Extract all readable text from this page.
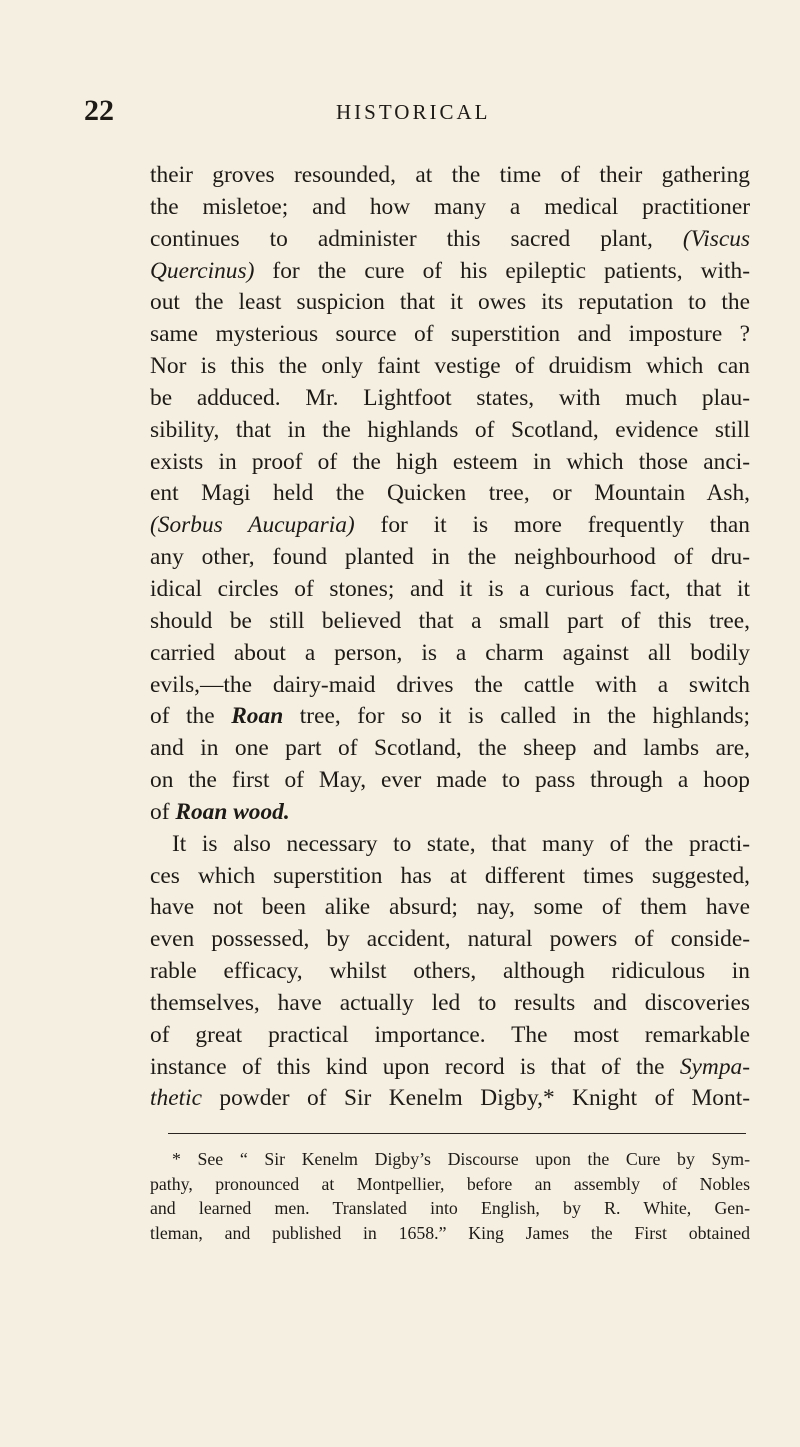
22	HISTORICAL
their groves resounded, at the time of their gathering
the misletoe; and how many a medical practitioner
continues to administer this sacred plant, (Viscus
Quercinus) for the cure of his epileptic patients, with-
out the least suspicion that it owes its reputation to the
same mysterious source of superstition and imposture ?
Nor is this the only faint vestige of druidism which can
be adduced. Mr. Lightfoot states, with much plau-
sibility, that in the highlands of Scotland, evidence still
exists in proof of the high esteem in which those anci-
ent Magi held the Quicken tree, or Mountain Ash,
(Sorbus Aucuparia) for it is more frequently than
any other, found planted in the neighbourhood of dru-
idical circles of stones; and it is a curious fact, that it
should be still believed that a small part of this tree,
carried about a person, is a charm against all bodily
evils,—the dairy-maid drives the cattle with a switch
of the Roan tree, for so it is called in the highlands;
and in one part of Scotland, the sheep and lambs are,
on the first of May, ever made to pass through a hoop
of Roan wood.
It is also necessary to state, that many of the practi-
ces which superstition has at different times suggested,
have not been alike absurd; nay, some of them have
even possessed, by accident, natural powers of conside-
rable efficacy, whilst others, although ridiculous in
themselves, have actually led to results and discoveries
of great practical importance. The most remarkable
instance of this kind upon record is that of the Sympa-
thetic powder of Sir Kenelm Digby,* Knight of Mont-
* See “ Sir Kenelm Digby’s Discourse upon the Cure by Sym-
pathy, pronounced at Montpellier, before an assembly of Nobles
and learned men. Translated into English, by R. White, Gen-
tleman, and published in 1658.” King James the First obtained
